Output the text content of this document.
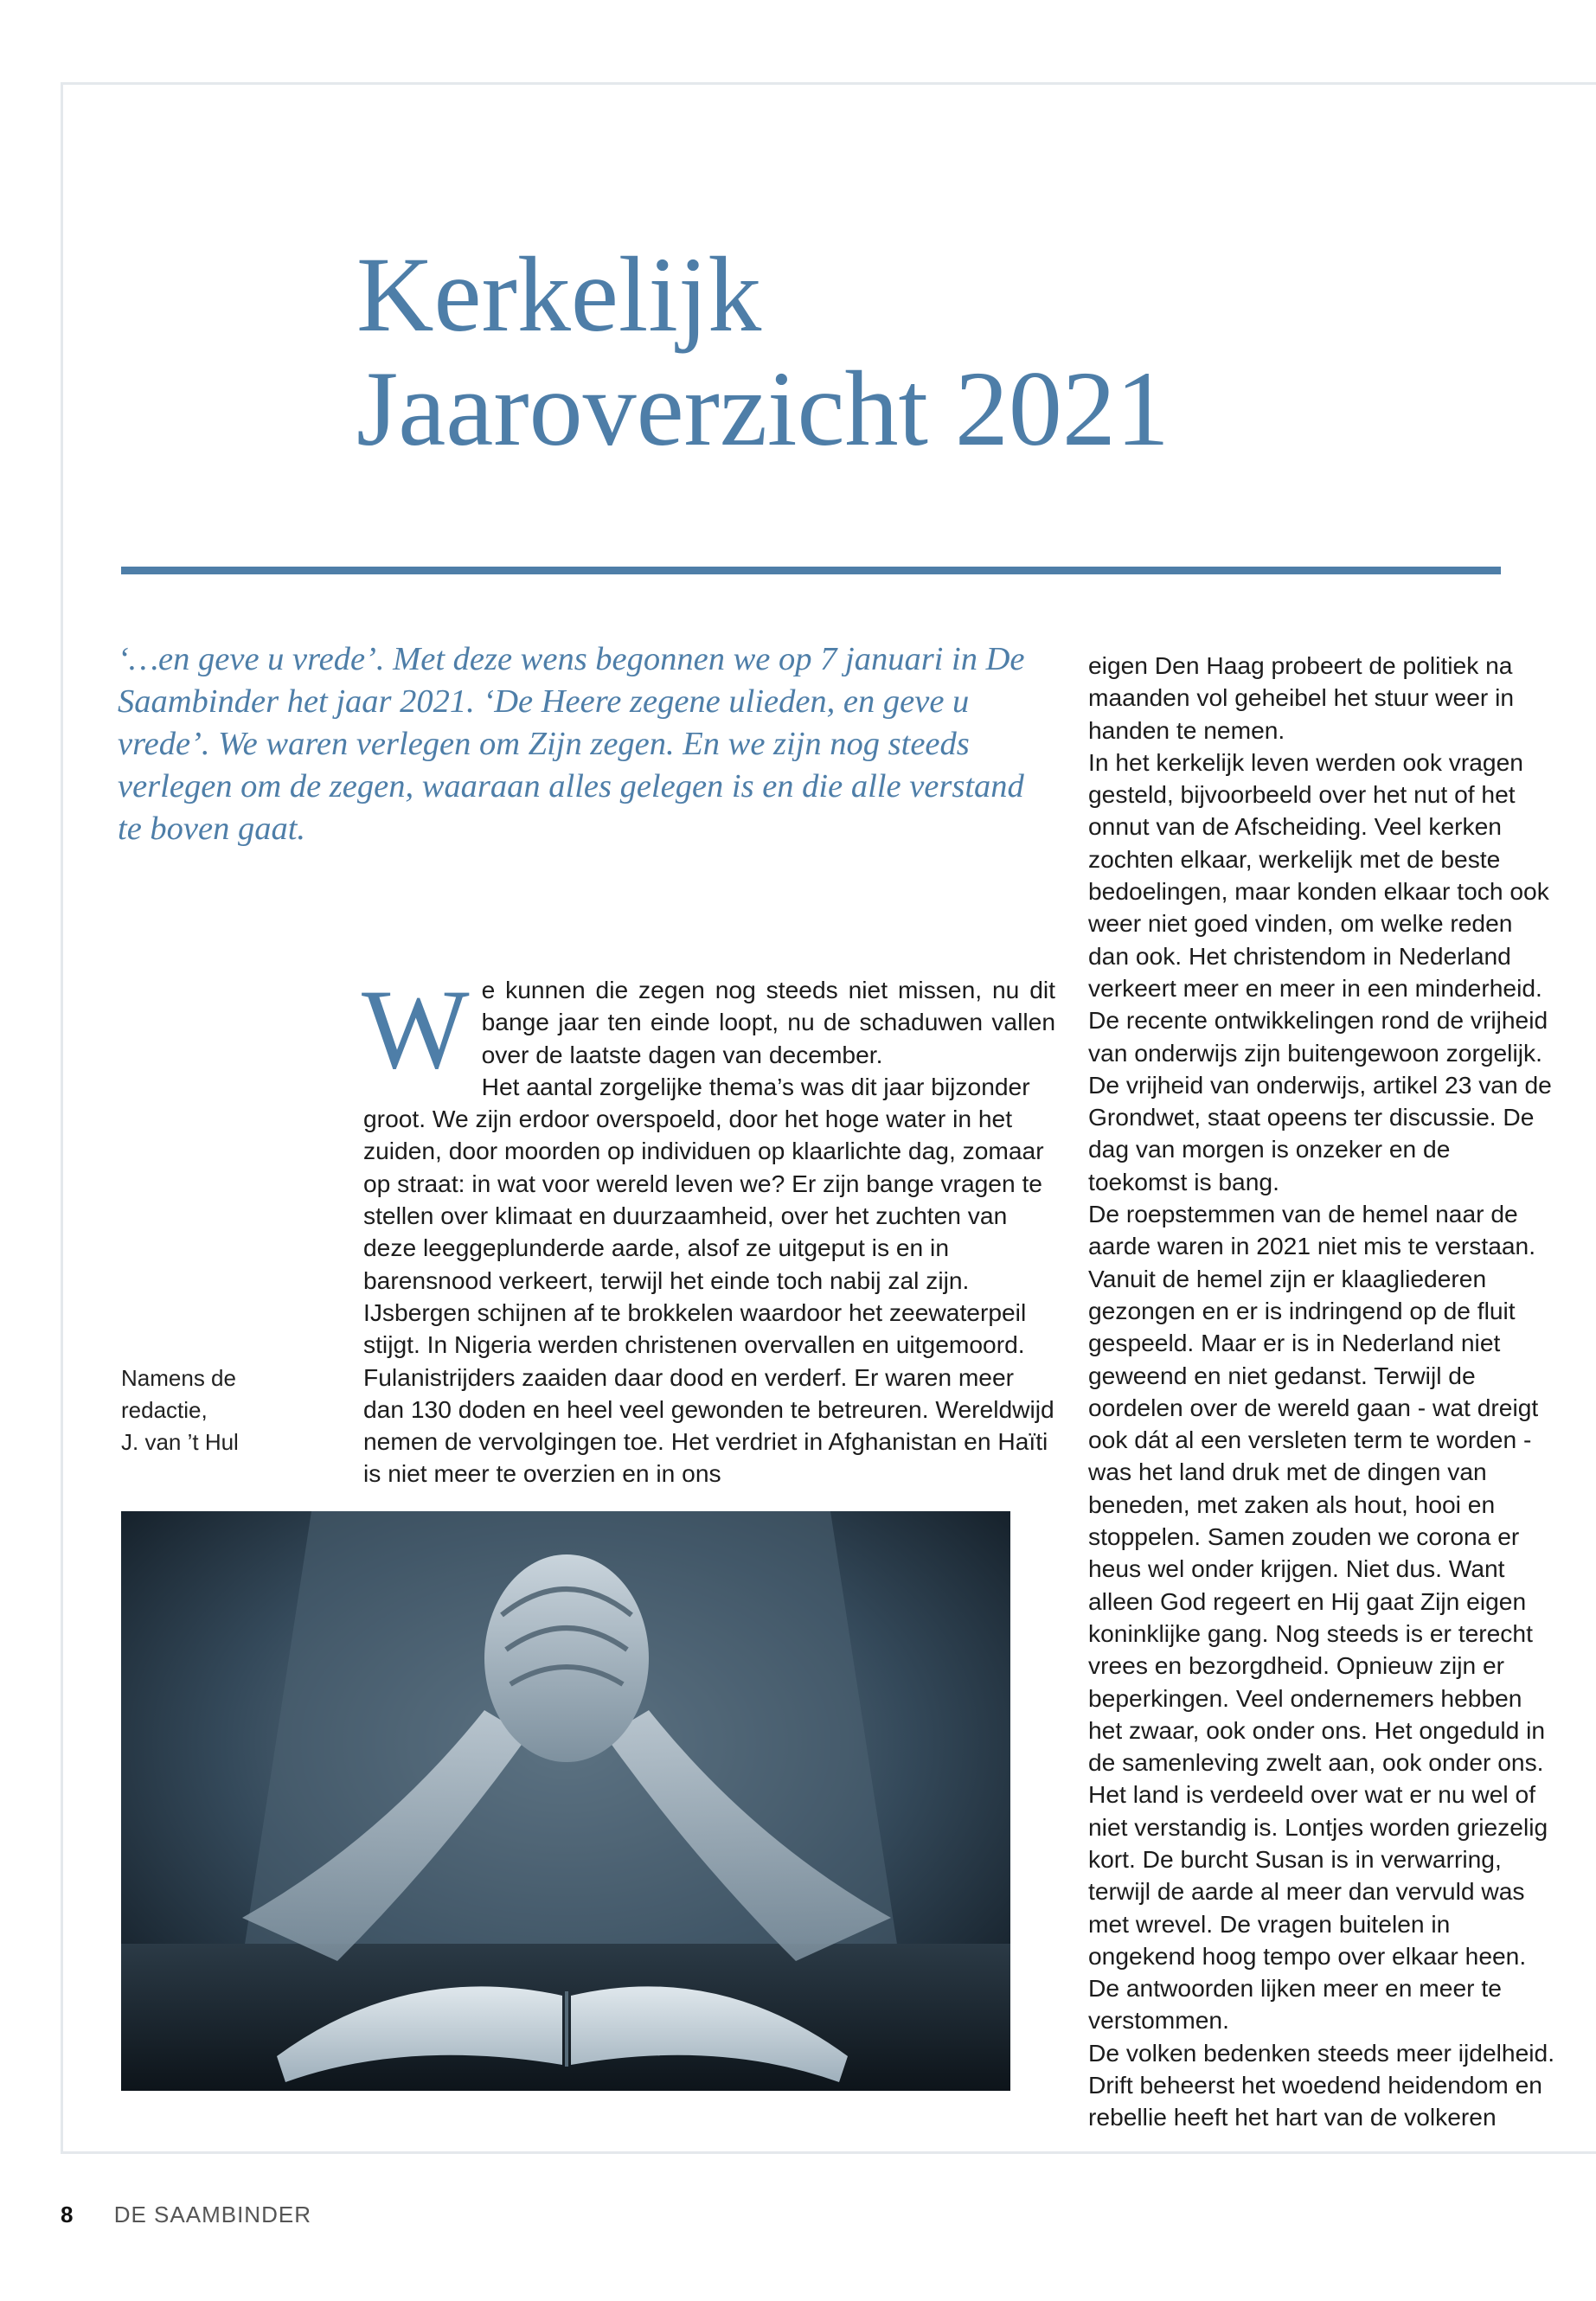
Kerkelijk
Jaaroverzicht 2021

‘…en geve u vrede’. Met deze wens begonnen we op 7 januari in De Saambinder het jaar 2021. ‘De Heere zegene ulieden, en geve u vrede’. We waren verlegen om Zijn zegen. En we zijn nog steeds verlegen om de zegen, waaraan alles gelegen is en die alle verstand te boven gaat.

We kunnen die zegen nog steeds niet missen, nu dit bange jaar ten einde loopt, nu de schaduwen vallen over de laatste dagen van december.

Het aantal zorgelijke thema’s was dit jaar bijzonder groot. We zijn erdoor overspoeld, door het hoge water in het zuiden, door moorden op individuen op klaarlichte dag, zomaar op straat: in wat voor wereld leven we? Er zijn bange vragen te stellen over klimaat en duurzaamheid, over het zuchten van deze leeggeplunderde aarde, alsof ze uitgeput is en in barensnood verkeert, terwijl het einde toch nabij zal zijn. IJsbergen schijnen af te brokkelen waardoor het zeewaterpeil stijgt. In Nigeria werden christenen overvallen en uitgemoord. Fulanistrijders zaaiden daar dood en verderf. Er waren meer dan 130 doden en heel veel gewonden te betreuren. Wereldwijd nemen de vervolgingen toe. Het verdriet in Afghanistan en Haïti is niet meer te overzien en in ons

eigen Den Haag probeert de politiek na maanden vol geheibel het stuur weer in handen te nemen.

In het kerkelijk leven werden ook vragen gesteld, bijvoorbeeld over het nut of het onnut van de Afscheiding. Veel kerken zochten elkaar, werkelijk met de beste bedoelingen, maar konden elkaar toch ook weer niet goed vinden, om welke reden dan ook. Het christendom in Nederland verkeert meer en meer in een minderheid. De recente ontwikkelingen rond de vrijheid van onderwijs zijn buitengewoon zorgelijk. De vrijheid van onderwijs, artikel 23 van de Grondwet, staat opeens ter discussie. De dag van morgen is onzeker en de toekomst is bang.

De roepstemmen van de hemel naar de aarde waren in 2021 niet mis te verstaan. Vanuit de hemel zijn er klaagliederen gezongen en er is indringend op de fluit gespeeld. Maar er is in Nederland niet geweend en niet gedanst. Terwijl de oordelen over de wereld gaan - wat dreigt ook dát al een versleten term te worden - was het land druk met de dingen van beneden, met zaken als hout, hooi en stoppelen. Samen zouden we corona er heus wel onder krijgen. Niet dus. Want alleen God regeert en Hij gaat Zijn eigen koninklijke gang. Nog steeds is er terecht vrees en bezorgdheid. Opnieuw zijn er beperkingen. Veel ondernemers hebben het zwaar, ook onder ons. Het ongeduld in de samenleving zwelt aan, ook onder ons. Het land is verdeeld over wat er nu wel of niet verstandig is. Lontjes worden griezelig kort. De burcht Susan is in verwarring, terwijl de aarde al meer dan vervuld was met wrevel. De vragen buitelen in ongekend hoog tempo over elkaar heen. De antwoorden lijken meer en meer te verstommen.

De volken bedenken steeds meer ijdelheid. Drift beheerst het woedend heidendom en rebellie heeft het hart van de volkeren

Namens de
redactie,
J. van ’t Hul

8 DE SAAMBINDER
